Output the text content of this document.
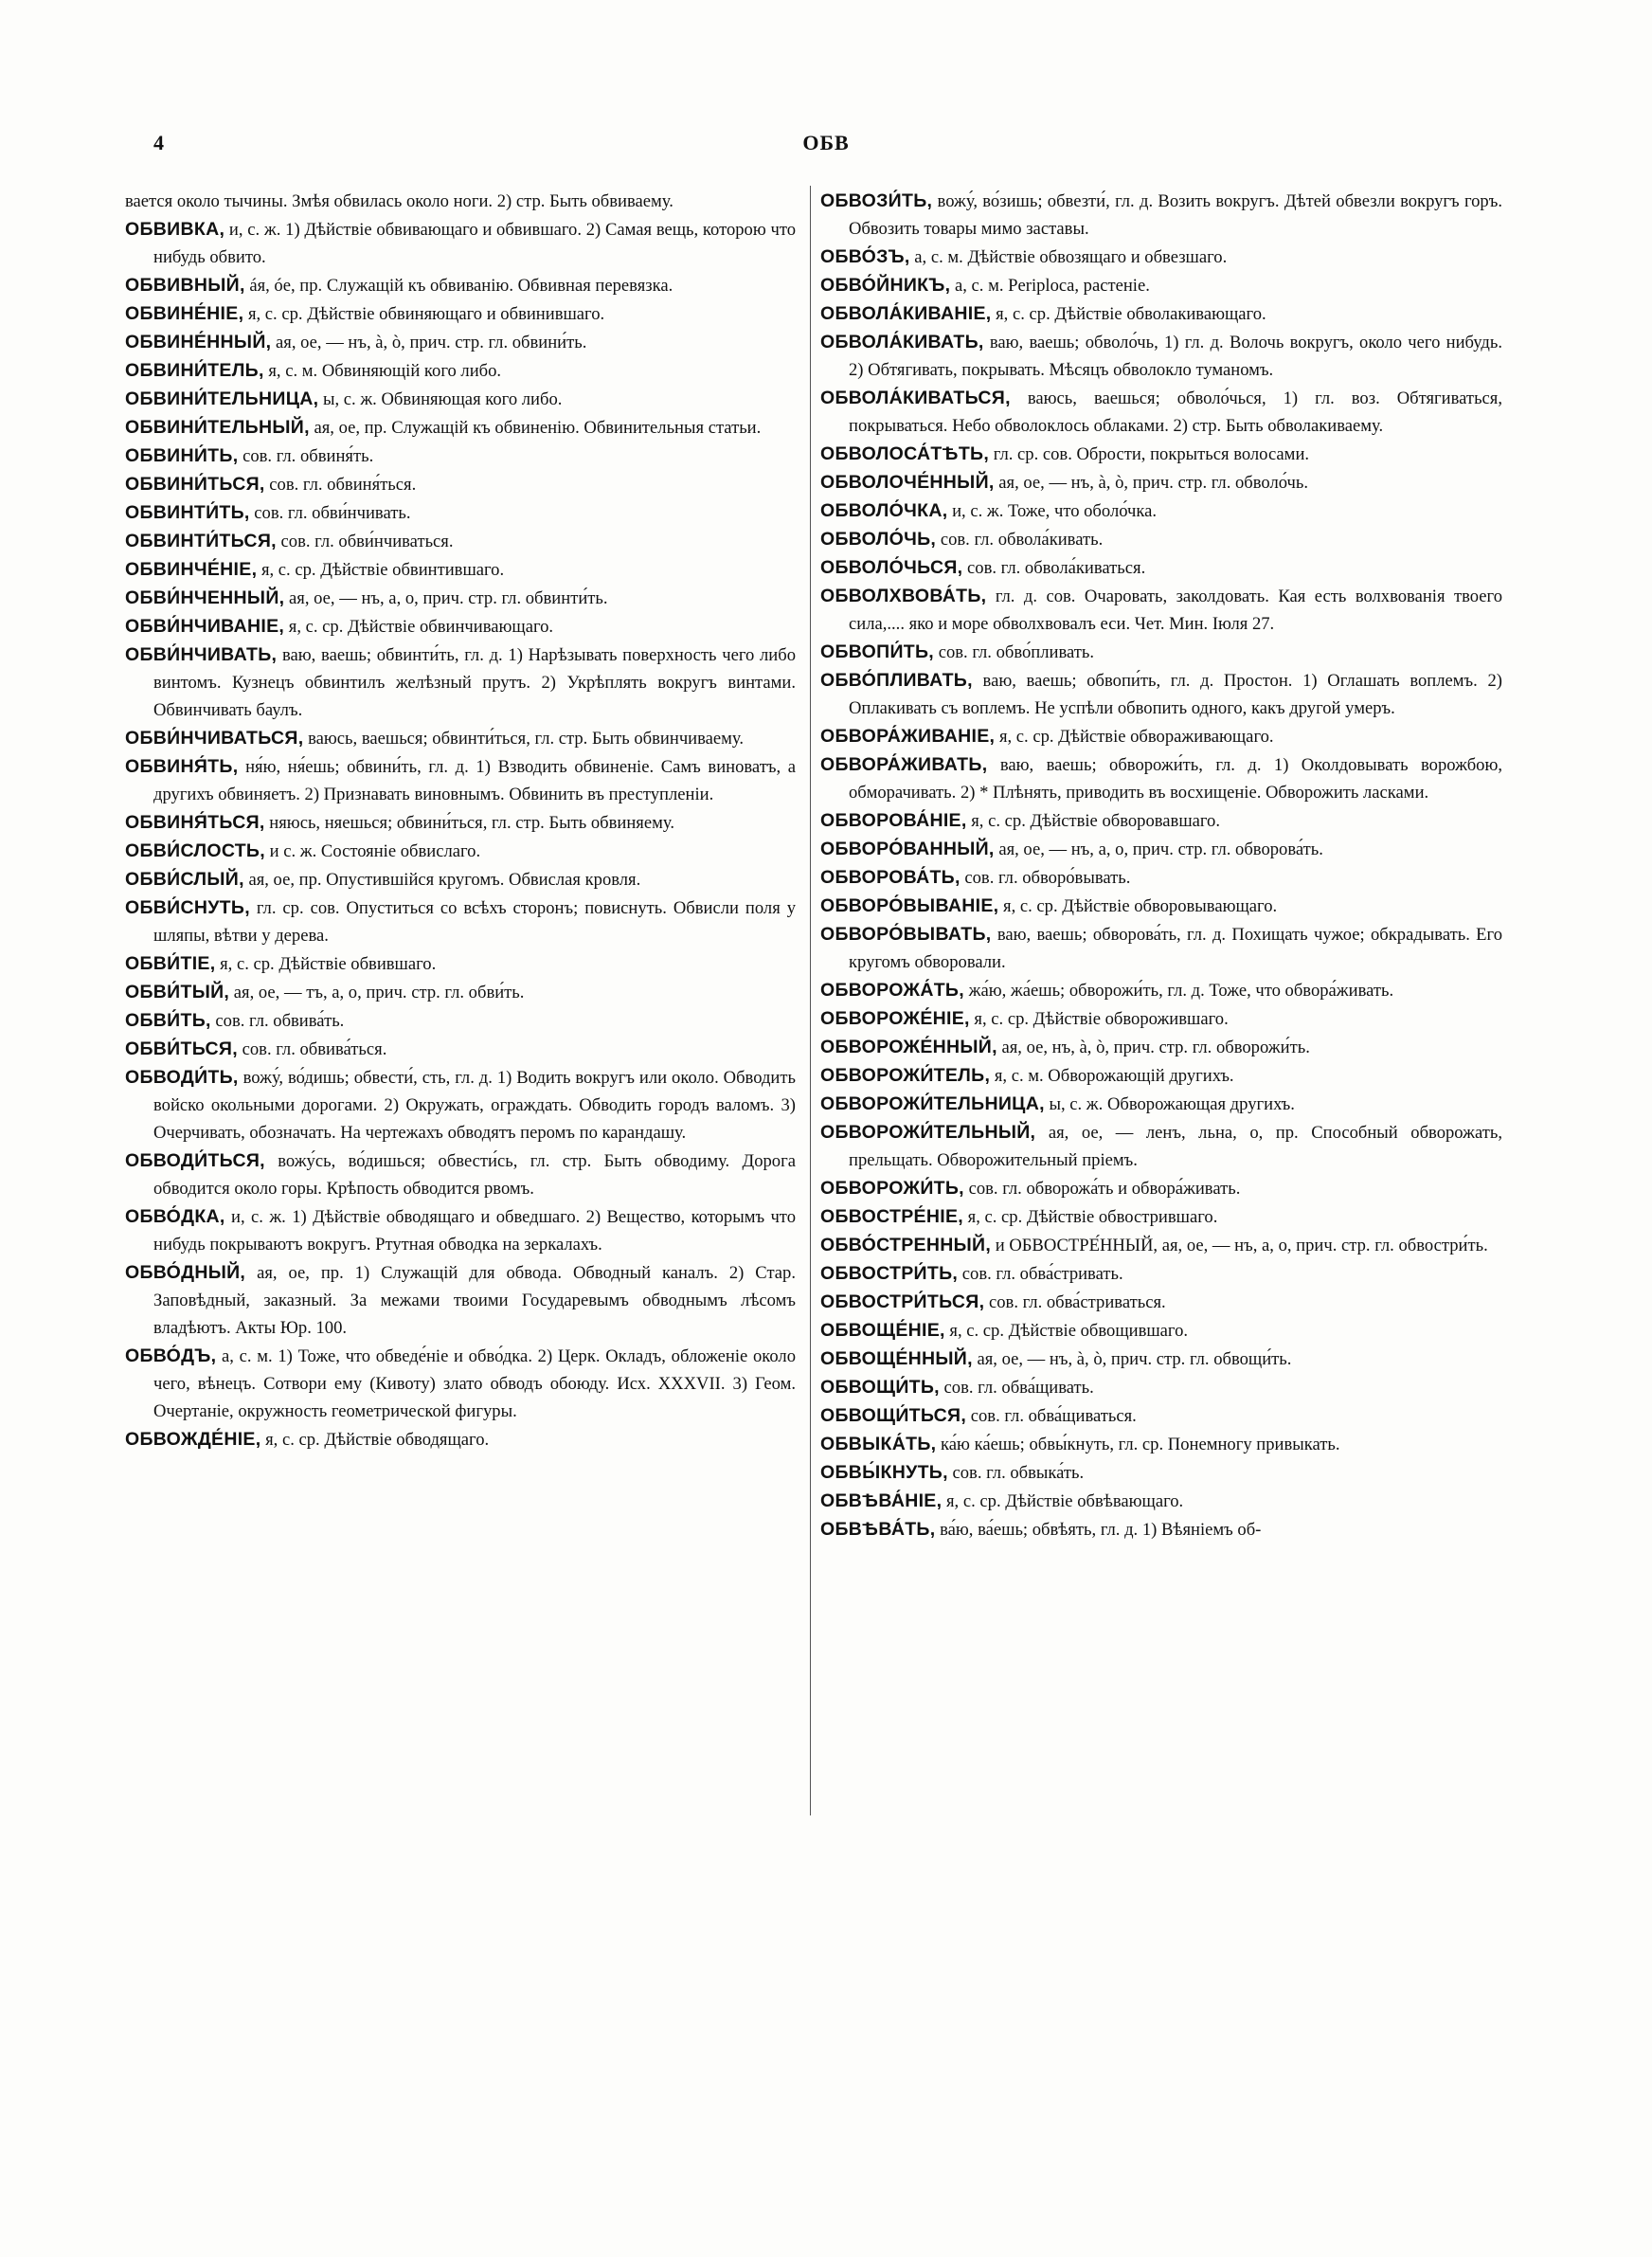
4	ОБВ

вается около тычины. Змѣя обвилась около ноги. 2) стр. Быть обвиваему.

ОБВИВКА, и, с. ж. 1) Дѣйствіе обвивающаго и обвившаго. 2) Самая вещь, которою что нибудь обвито.

ОБВИВНЫЙ, áя, óе, пр. Служащій къ обвиванію. Обвивная перевязка.

ОБВИНЕ́НІЕ, я, с. ср. Дѣйствіе обвиняющаго и обвинившаго.

ОБВИНЕ́ННЫЙ, ая, ое, — нъ, à, ò, прич. стр. гл. обвини́ть.

ОБВИНИ́ТЕЛЬ, я, с. м. Обвиняющій кого либо.

ОБВИНИ́ТЕЛЬНИЦА, ы, с. ж. Обвиняющая кого либо.

ОБВИНИ́ТЕЛЬНЫЙ, ая, ое, пр. Служащій къ обвиненію. Обвинительныя статьи.

ОБВИНИ́ТЬ, сов. гл. обвиня́ть.

ОБВИНИ́ТЬСЯ, сов. гл. обвиня́ться.

ОБВИНТИ́ТЬ, сов. гл. обви́нчивать.

ОБВИНТИ́ТЬСЯ, сов. гл. обви́нчиваться.

ОБВИНЧЕ́НІЕ, я, с. ср. Дѣйствіе обвинтившаго.

ОБВИ́НЧЕННЫЙ, ая, ое, — нъ, а, о, прич. стр. гл. обвинти́ть.

ОБВИ́НЧИВАНІЕ, я, с. ср. Дѣйствіе обвинчивающаго.

ОБВИ́НЧИВАТЬ, ваю, ваешь; обвинти́ть, гл. д. 1) Нарѣзывать поверхность чего либо винтомъ. Кузнецъ обвинтилъ желѣзный прутъ. 2) Укрѣплять вокругъ винтами. Обвинчивать баулъ.

ОБВИ́НЧИВАТЬСЯ, ваюсь, ваешься; обвинти́ться, гл. стр. Быть обвинчиваему.

ОБВИНЯ́ТЬ, ня́ю, ня́ешь; обвини́ть, гл. д. 1) Взводить обвиненіе. Самъ виноватъ, а другихъ обвиняетъ. 2) Признавать виновнымъ. Обвинить въ преступленіи.

ОБВИНЯ́ТЬСЯ, няюсь, няешься; обвини́ться, гл. стр. Быть обвиняему.

ОБВИ́СЛОСТЬ, и с. ж. Состояніе обвислаго.

ОБВИ́СЛЫЙ, ая, ое, пр. Опустившійся кругомъ. Обвислая кровля.

ОБВИ́СНУТЬ, гл. ср. сов. Опуститься со всѣхъ сторонъ; повиснуть. Обвисли поля у шляпы, вѣтви у дерева.

ОБВИ́ТІЕ, я, с. ср. Дѣйствіе обвившаго.

ОБВИ́ТЫЙ, ая, ое, — тъ, а, о, прич. стр. гл. обви́ть.

ОБВИ́ТЬ, сов. гл. обвива́ть.

ОБВИ́ТЬСЯ, сов. гл. обвива́ться.

ОБВОДИ́ТЬ, вожу́, во́дишь; обвести́, сть, гл. д. 1) Водить вокругъ или около. Обводить войско окольными дорогами. 2) Окружать, ограждать. Обводить городъ валомъ. 3) Очерчивать, обозначать. На чертежахъ обводятъ перомъ по карандашу.

ОБВОДИ́ТЬСЯ, вожу́сь, во́дишься; обвести́сь, гл. стр. Быть обводиму. Дорога обводится около горы. Крѣпость обводится рвомъ.

ОБВО́ДКА, и, с. ж. 1) Дѣйствіе обводящаго и обведшаго. 2) Вещество, которымъ что нибудь покрываютъ вокругъ. Ртутная обводка на зеркалахъ.

ОБВО́ДНЫЙ, ая, ое, пр. 1) Служащій для обвода. Обводный каналъ. 2) Стар. Заповѣдный, заказный. За межами твоими Государевымъ обводнымъ лѣсомъ владѣютъ. Акты Юр. 100.

ОБВО́ДЪ, а, с. м. 1) Тоже, что обведе́ніе и обво́дка. 2) Церк. Окладъ, обложеніе около чего, вѣнецъ. Сотвори ему (Кивоту) злато обводъ обоюду. Исх. XXXVII. 3) Геом. Очертаніе, окружность геометрической фигуры.

ОБВОЖДЕ́НІЕ, я, с. ср. Дѣйствіе обводящаго.

ОБВОЗИ́ТЬ, вожу́, во́зишь; обвезти́, гл. д. Возить вокругъ. Дѣтей обвезли вокругъ горъ. Обвозить товары мимо заставы.

ОБВО́ЗЪ, а, с. м. Дѣйствіе обвозящаго и обвезшаго.

ОБВО́ЙНИКЪ, а, с. м. Periploca, растеніе.

ОБВОЛА́КИВАНІЕ, я, с. ср. Дѣйствіе обволакивающаго.

ОБВОЛА́КИВАТЬ, ваю, ваешь; обволо́чь, 1) гл. д. Волочь вокругъ, около чего нибудь. 2) Обтягивать, покрывать. Мѣсяцъ обволокло туманомъ.

ОБВОЛА́КИВАТЬСЯ, ваюсь, ваешься; обволо́чься, 1) гл. воз. Обтягиваться, покрываться. Небо обволоклось облаками. 2) стр. Быть обволакиваему.

ОБВОЛОСА́ТѢТЬ, гл. ср. сов. Обрости, покрыться волосами.

ОБВОЛОЧЕ́ННЫЙ, ая, ое, — нъ, à, ò, прич. стр. гл. обволо́чь.

ОБВОЛО́ЧКА, и, с. ж. Тоже, что оболо́чка.

ОБВОЛО́ЧЬ, сов. гл. обвола́кивать.

ОБВОЛО́ЧЬСЯ, сов. гл. обвола́киваться.

ОБВОЛХВОВА́ТЬ, гл. д. сов. Очаровать, заколдовать. Кая есть волхвованія твоего сила,.... яко и море обволхвовалъ еси. Чет. Мин. Іюля 27.

ОБВОПИ́ТЬ, сов. гл. обво́пливать.

ОБВО́ПЛИВАТЬ, ваю, ваешь; обвопи́ть, гл. д. Простон. 1) Оглашать воплемъ. 2) Оплакивать съ воплемъ. Не успѣли обвопить одного, какъ другой умеръ.

ОБВОРА́ЖИВАНІЕ, я, с. ср. Дѣйствіе обвораживающаго.

ОБВОРА́ЖИВАТЬ, ваю, ваешь; обворожи́ть, гл. д. 1) Околдовывать ворожбою, обморачивать. 2) * Плѣнять, приводить въ восхищеніе. Обворожить ласками.

ОБВОРОВА́НІЕ, я, с. ср. Дѣйствіе обворовавшаго.

ОБВОРО́ВАННЫЙ, ая, ое, — нъ, а, о, прич. стр. гл. обворова́ть.

ОБВОРОВА́ТЬ, сов. гл. обворо́вывать.

ОБВОРО́ВЫВАНІЕ, я, с. ср. Дѣйствіе обворовывающаго.

ОБВОРО́ВЫВАТЬ, ваю, ваешь; обворова́ть, гл. д. Похищать чужое; обкрадывать. Его кругомъ обворовали.

ОБВОРОЖА́ТЬ, жа́ю, жа́ешь; обворожи́ть, гл. д. Тоже, что обвора́живать.

ОБВОРОЖЕ́НІЕ, я, с. ср. Дѣйствіе обворожившаго.

ОБВОРОЖЕ́ННЫЙ, ая, ое, нъ, à, ò, прич. стр. гл. обворожи́ть.

ОБВОРОЖИ́ТЕЛЬ, я, с. м. Обворожающій другихъ.

ОБВОРОЖИ́ТЕЛЬНИЦА, ы, с. ж. Обворожающая другихъ.

ОБВОРОЖИ́ТЕЛЬНЫЙ, ая, ое, — ленъ, льна, о, пр. Способный обворожать, прельщать. Обворожительный пріемъ.

ОБВОРОЖИ́ТЬ, сов. гл. обворожа́ть и обвора́живать.

ОБВОСТРЕ́НІЕ, я, с. ср. Дѣйствіе обвострившаго.

ОБВО́СТРЕННЫЙ, и ОБВОСТРЕ́ННЫЙ, ая, ое, — нъ, а, о, прич. стр. гл. обвостри́ть.

ОБВОСТРИ́ТЬ, сов. гл. обва́стривать.

ОБВОСТРИ́ТЬСЯ, сов. гл. обва́стриваться.

ОБВОЩЕ́НІЕ, я, с. ср. Дѣйствіе обвощившаго.

ОБВОЩЕ́ННЫЙ, ая, ое, — нъ, à, ò, прич. стр. гл. обвощи́ть.

ОБВОЩИ́ТЬ, сов. гл. обва́щивать.

ОБВОЩИ́ТЬСЯ, сов. гл. обва́щиваться.

ОБВЫКА́ТЬ, ка́ю ка́ешь; обвы́кнуть, гл. ср. Понемногу привыкать.

ОБВЫ́КНУТЬ, сов. гл. обвыка́ть.

ОБВѢВА́НІЕ, я, с. ср. Дѣйствіе обвѣвающаго.

ОБВѢВА́ТЬ, ва́ю, ва́ешь; обвѣять, гл. д. 1) Вѣяніемъ об-
